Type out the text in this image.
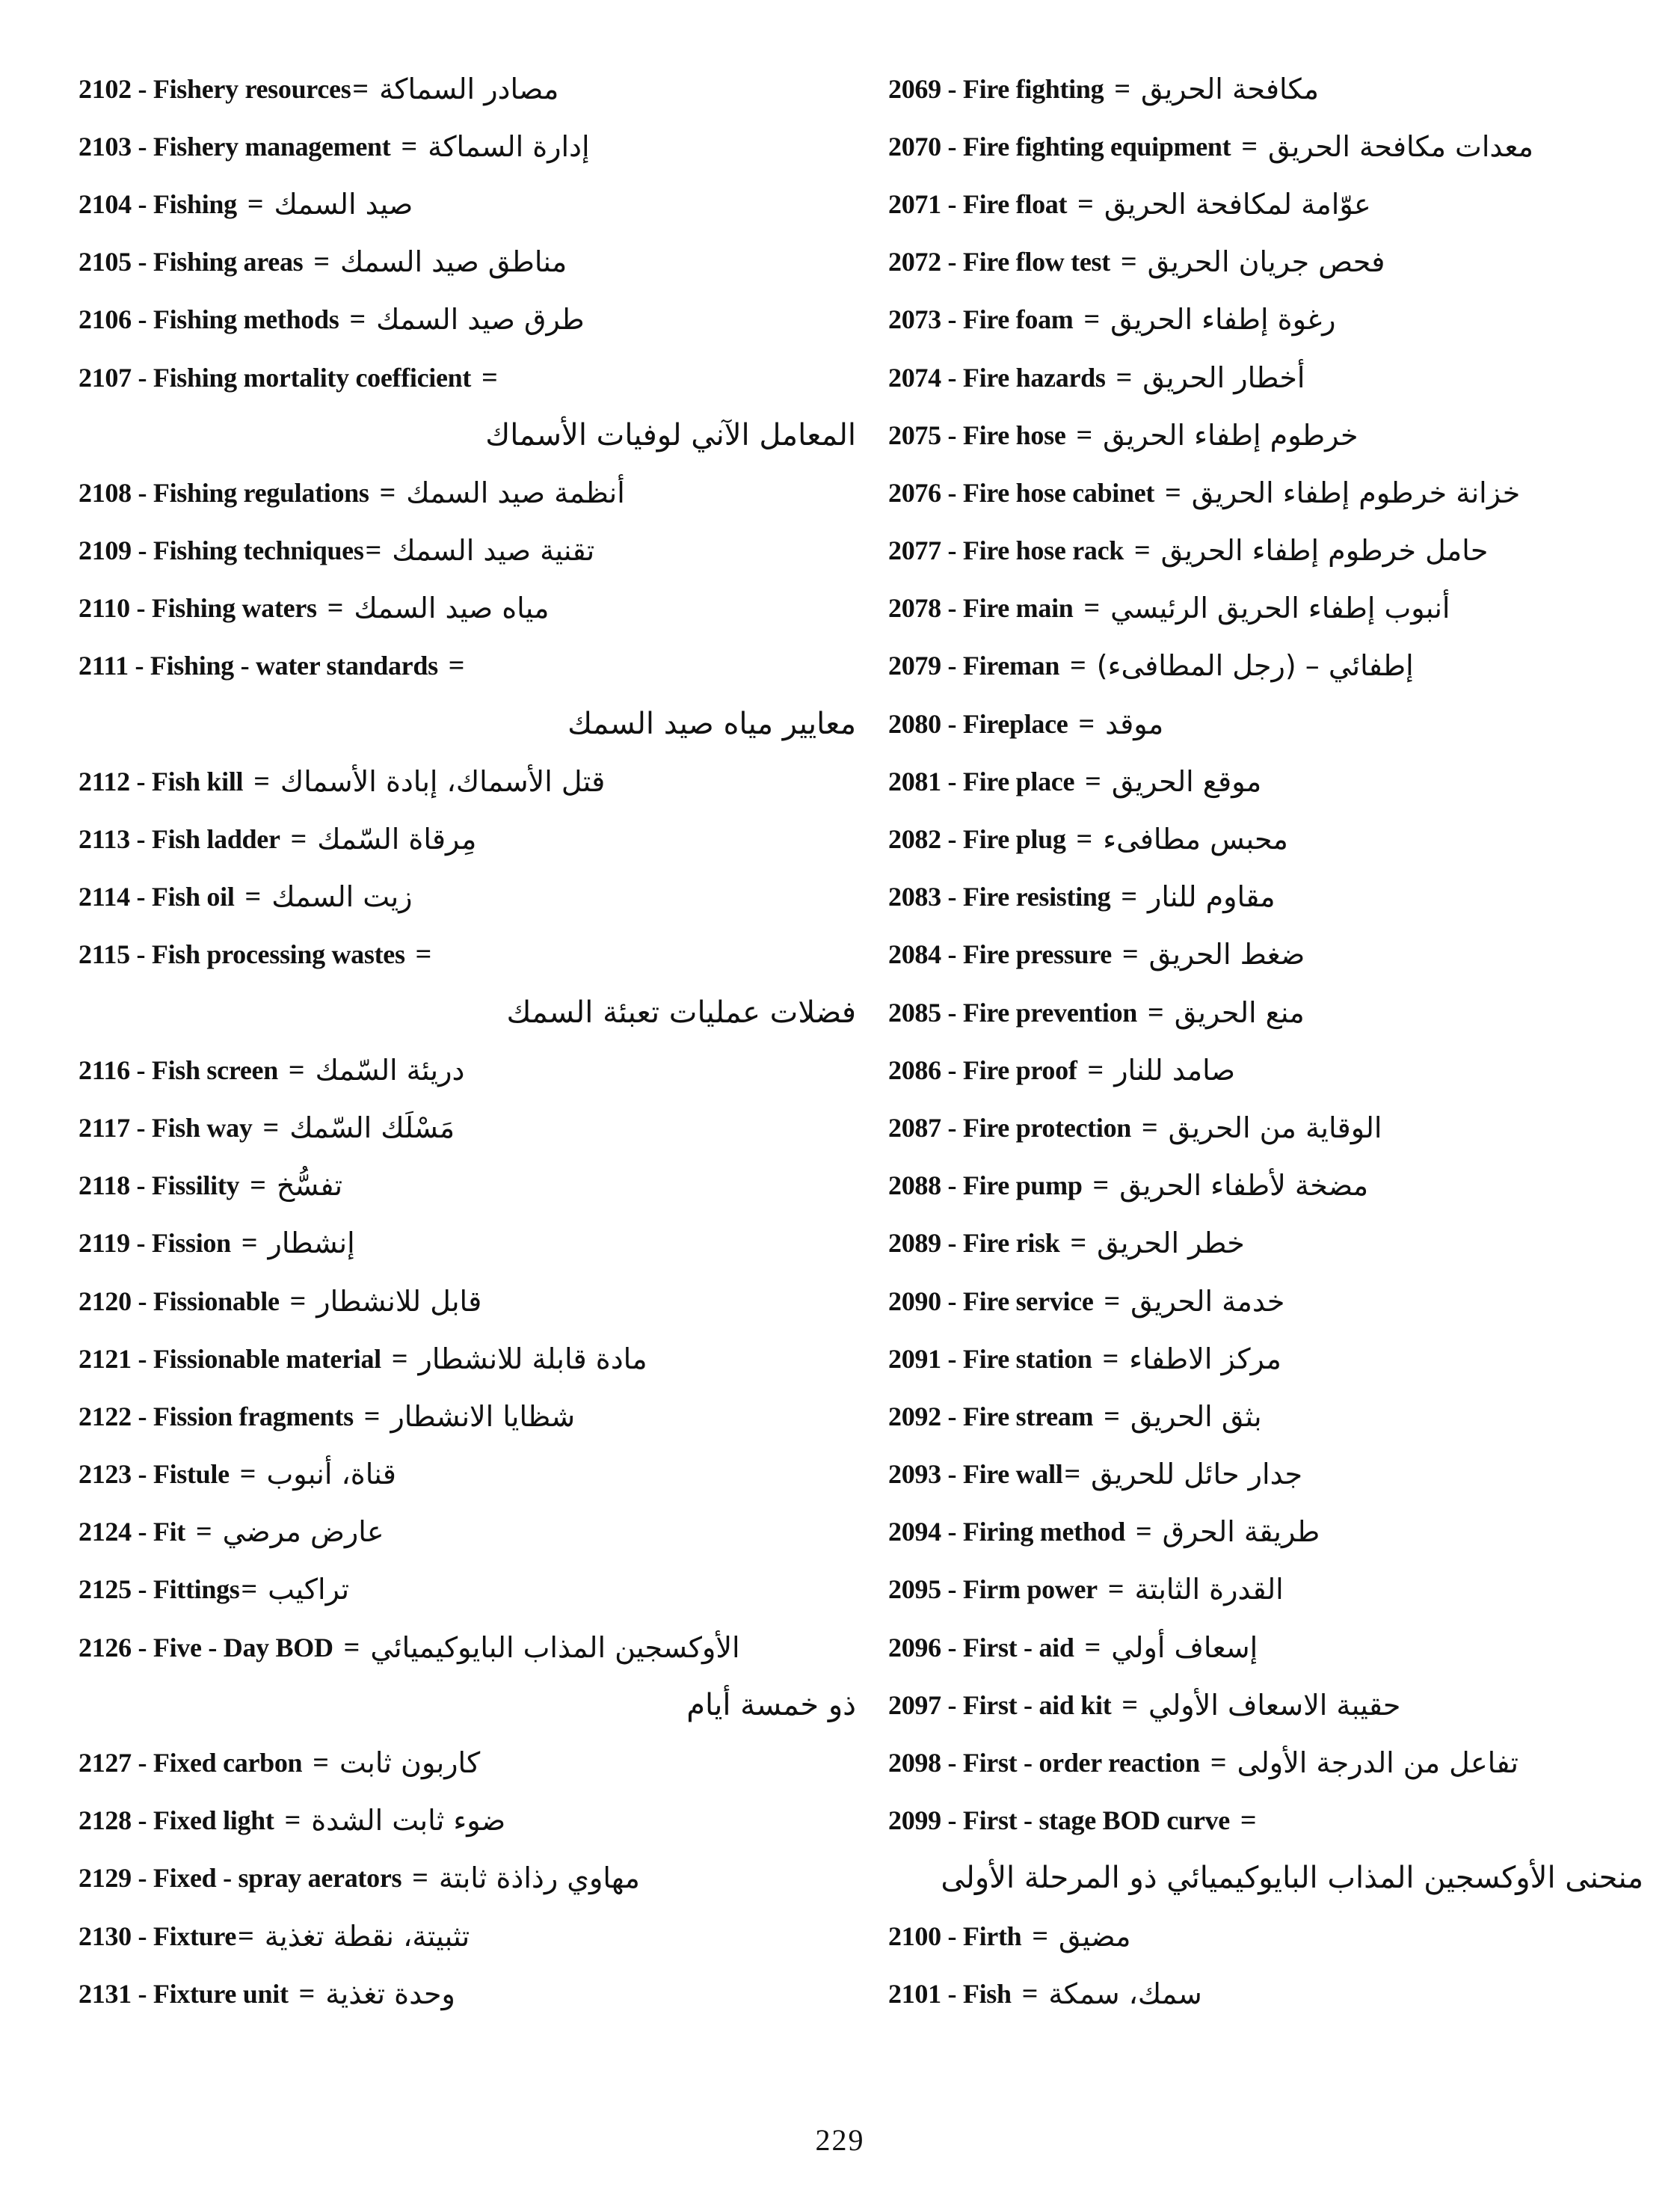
2102 - Fishery resources = مصادر السماكة
2103 - Fishery management = إدارة السماكة
2104 - Fishing = صيد السمك
2105 - Fishing areas = مناطق صيد السمك
2106 - Fishing methods = طرق صيد السمك
2107 - Fishing mortality coefficient =
المعامل الآني لوفيات الأسماك
2108 - Fishing regulations = أنظمة صيد السمك
2109 - Fishing techniques = تقنية صيد السمك
2110 - Fishing waters = مياه صيد السمك
2111 - Fishing - water standards =
معايير مياه صيد السمك
2112 - Fish kill = قتل الأسماك، إبادة الأسماك
2113 - Fish ladder = مِرقاة السّمك
2114 - Fish oil = زيت السمك
2115 - Fish processing wastes =
فضلات عمليات تعبئة السمك
2116 - Fish screen = دريئة السّمك
2117 - Fish way = مَسْلَك السّمك
2118 - Fissility = تفسُّخ
2119 - Fission = إنشطار
2120 - Fissionable = قابل للانشطار
2121 - Fissionable material = مادة قابلة للانشطار
2122 - Fission fragments = شظايا الانشطار
2123 - Fistule = قناة، أنبوب
2124 - Fit = عارض مرضي
2125 - Fittings = تراكيب
2126 - Five - Day BOD = الأوكسجين المذاب البايوكيميائي
ذو خمسة أيام
2127 - Fixed carbon = كاربون ثابت
2128 - Fixed light = ضوء ثابت الشدة
2129 - Fixed - spray aerators = مهاوي رذاذة ثابتة
2130 - Fixture = تثبيتة، نقطة تغذية
2131 - Fixture unit = وحدة تغذية
2069 - Fire fighting = مكافحة الحريق
2070 - Fire fighting equipment = معدات مكافحة الحريق
2071 - Fire float = عوّامة لمكافحة الحريق
2072 - Fire flow test = فحص جريان الحريق
2073 - Fire foam = رغوة إطفاء الحريق
2074 - Fire hazards = أخطار الحريق
2075 - Fire hose = خرطوم إطفاء الحريق
2076 - Fire hose cabinet = خزانة خرطوم إطفاء الحريق
2077 - Fire hose rack = حامل خرطوم إطفاء الحريق
2078 - Fire main = أنبوب إطفاء الحريق الرئيسي
2079 - Fireman = إطفائي – (رجل المطافىء)
2080 - Fireplace = موقد
2081 - Fire place = موقع الحريق
2082 - Fire plug = محبس مطافىء
2083 - Fire resisting = مقاوم للنار
2084 - Fire pressure = ضغط الحريق
2085 - Fire prevention = منع الحريق
2086 - Fire proof = صامد للنار
2087 - Fire protection = الوقاية من الحريق
2088 - Fire pump = مضخة لأطفاء الحريق
2089 - Fire risk = خطر الحريق
2090 - Fire service = خدمة الحريق
2091 - Fire station = مركز الاطفاء
2092 - Fire stream = بثق الحريق
2093 - Fire wall = جدار حائل للحريق
2094 - Firing method = طريقة الحرق
2095 - Firm power = القدرة الثابتة
2096 - First - aid = إسعاف أولي
2097 - First - aid kit = حقيبة الاسعاف الأولي
2098 - First - order reaction = تفاعل من الدرجة الأولى
2099 - First - stage BOD curve =
منحنى الأوكسجين المذاب البايوكيميائي ذو المرحلة الأولى
2100 - Firth = مضيق
2101 - Fish = سمك، سمكة
229
